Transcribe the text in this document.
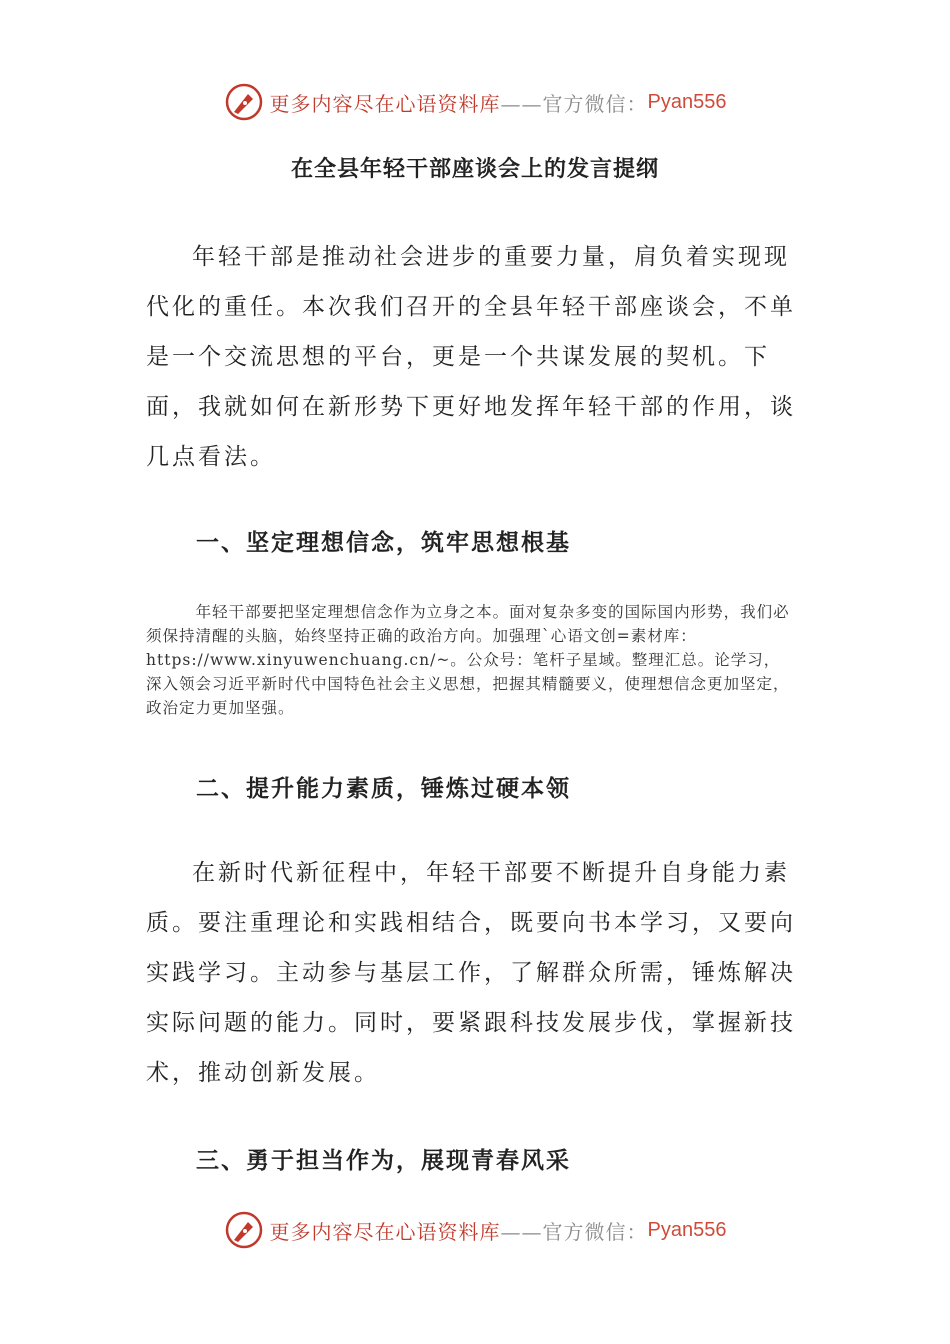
更多内容尽在心语资料库 ——官方微信： Pyan556
在全县年轻干部座谈会上的发言提纲

年轻干部是推动社会进步的重要力量，肩负着实现现代化的重任。本次我们召开的全县年轻干部座谈会，不单是一个交流思想的平台，更是一个共谋发展的契机。下面，我就如何在新形势下更好地发挥年轻干部的作用，谈几点看法。

一、坚定理想信念，筑牢思想根基

年轻干部要把坚定理想信念作为立身之本。面对复杂多变的国际国内形势，我们必须保持清醒的头脑，始终坚持正确的政治方向。加强理`心语文创=素材库：https://www.xinyuwenchuang.cn/~。公众号：笔杆子星域。整理汇总。论学习，深入领会习近平新时代中国特色社会主义思想，把握其精髓要义，使理想信念更加坚定，政治定力更加坚强。

二、提升能力素质，锤炼过硬本领

在新时代新征程中，年轻干部要不断提升自身能力素质。要注重理论和实践相结合，既要向书本学习，又要向实践学习。主动参与基层工作，了解群众所需，锤炼解决实际问题的能力。同时，要紧跟科技发展步伐，掌握新技术，推动创新发展。

三、勇于担当作为，展现青春风采
更多内容尽在心语资料库 ——官方微信： Pyan556
